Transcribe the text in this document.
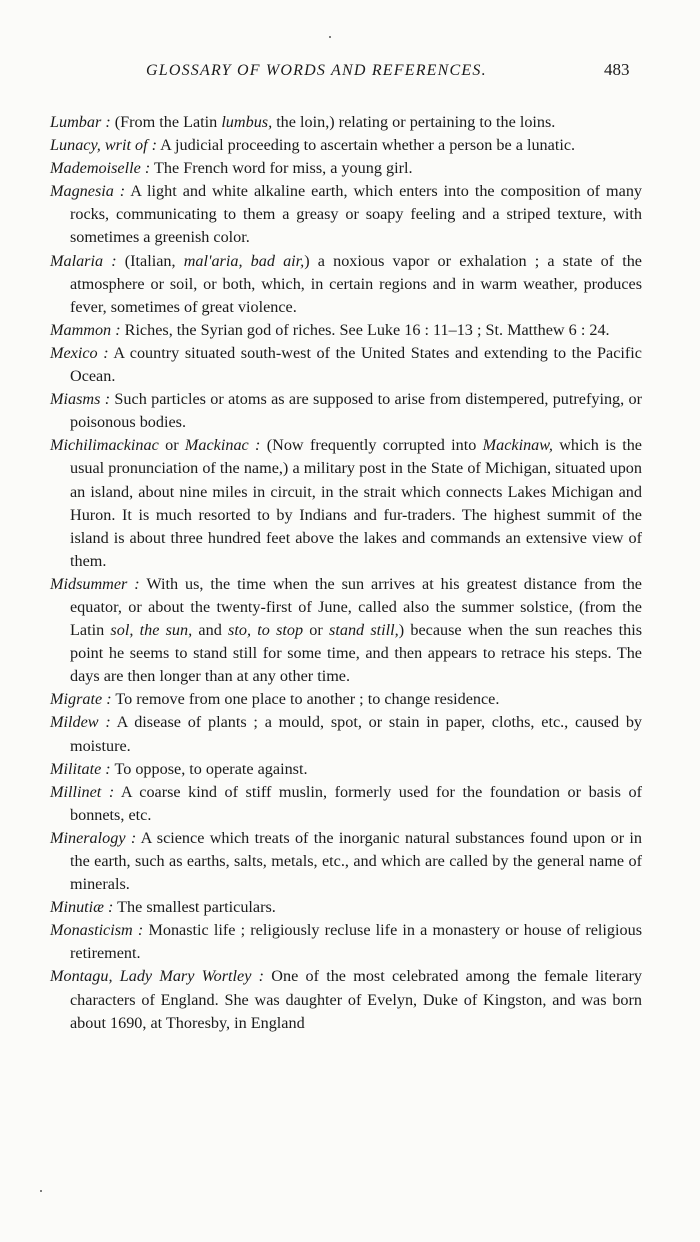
GLOSSARY OF WORDS AND REFERENCES.	483

Lumbar : (From the Latin lumbus, the loin,) relating or pertaining to the loins.

Lunacy, writ of : A judicial proceeding to ascertain whether a person be a lunatic.

Mademoiselle : The French word for miss, a young girl.

Magnesia : A light and white alkaline earth, which enters into the composition of many rocks, communicating to them a greasy or soapy feeling and a striped texture, with sometimes a greenish color.

Malaria : (Italian, mal'aria, bad air,) a noxious vapor or exhalation ; a state of the atmosphere or soil, or both, which, in certain regions and in warm weather, produces fever, sometimes of great violence.

Mammon : Riches, the Syrian god of riches. See Luke 16 : 11–13 ; St. Matthew 6 : 24.

Mexico : A country situated south-west of the United States and extending to the Pacific Ocean.

Miasms : Such particles or atoms as are supposed to arise from distempered, putrefying, or poisonous bodies.

Michilimackinac or Mackinac : (Now frequently corrupted into Mackinaw, which is the usual pronunciation of the name,) a military post in the State of Michigan, situated upon an island, about nine miles in circuit, in the strait which connects Lakes Michigan and Huron. It is much resorted to by Indians and fur-traders. The highest summit of the island is about three hundred feet above the lakes and commands an extensive view of them.

Midsummer : With us, the time when the sun arrives at his greatest distance from the equator, or about the twenty-first of June, called also the summer solstice, (from the Latin sol, the sun, and sto, to stop or stand still,) because when the sun reaches this point he seems to stand still for some time, and then appears to retrace his steps. The days are then longer than at any other time.

Migrate : To remove from one place to another ; to change residence.

Mildew : A disease of plants ; a mould, spot, or stain in paper, cloths, etc., caused by moisture.

Militate : To oppose, to operate against.

Millinet : A coarse kind of stiff muslin, formerly used for the foundation or basis of bonnets, etc.

Mineralogy : A science which treats of the inorganic natural substances found upon or in the earth, such as earths, salts, metals, etc., and which are called by the general name of minerals.

Minutiæ : The smallest particulars.

Monasticism : Monastic life ; religiously recluse life in a monastery or house of religious retirement.

Montagu, Lady Mary Wortley : One of the most celebrated among the female literary characters of England. She was daughter of Evelyn, Duke of Kingston, and was born about 1690, at Thoresby, in England
